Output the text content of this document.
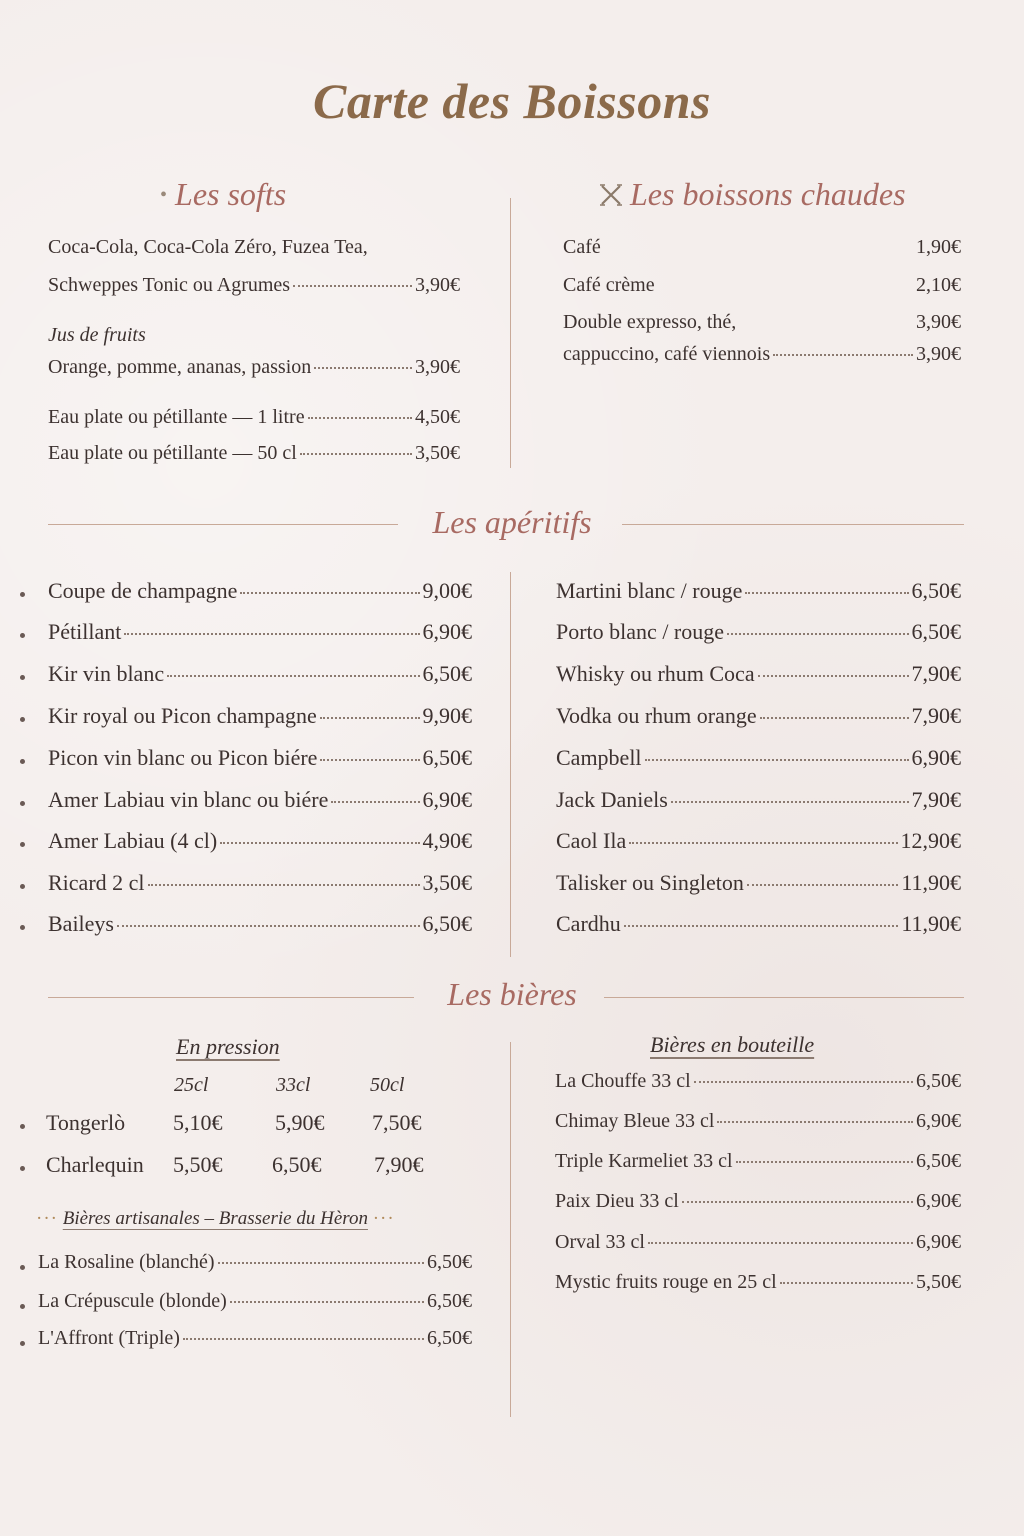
Carte des Boissons
• Les softs
Coca-Cola, Coca-Cola Zéro, Fuzea Tea,
Schweppes Tonic ou Agrumes	3,90€
Jus de fruits
Orange, pomme, ananas, passion	3,90€
Eau plate ou pétillante — 1 litre	4,50€
Eau plate ou pétillante — 50 cl	3,50€
Les boissons chaudes
Café	1,90€
Café crème	2,10€
Double expresso, thé,	3,90€
cappuccino, café viennois	3,90€
Les apéritifs
Coupe de champagne	9,00€
Pétillant	6,90€
Kir vin blanc	6,50€
Kir royal ou Picon champagne	9,90€
Picon vin blanc ou Picon biére	6,50€
Amer Labiau vin blanc ou biére	6,90€
Amer Labiau (4 cl)	4,90€
Ricard 2 cl	3,50€
Baileys	6,50€
Martini blanc / rouge	6,50€
Porto blanc / rouge	6,50€
Whisky ou rhum Coca	7,90€
Vodka ou rhum orange	7,90€
Campbell	6,90€
Jack Daniels	7,90€
Caol Ila	12,90€
Talisker ou Singleton	11,90€
Cardhu	11,90€
Les bières
En pression
25cl	33cl	50cl
Tongerlò 5,10€ 5,90€ 7,50€
Charlequin 5,50€ 6,50€ 7,90€
··· Bières artisanales – Brasserie du Hèron ···
La Rosaline (blanché)	6,50€
La Crépuscule (blonde)	6,50€
L'Affront (Triple)	6,50€
Bières en bouteille
La Chouffe 33 cl	6,50€
Chimay Bleue 33 cl	6,90€
Triple Karmeliet 33 cl	6,50€
Paix Dieu 33 cl	6,90€
Orval 33 cl	6,90€
Mystic fruits rouge en 25 cl	5,50€
